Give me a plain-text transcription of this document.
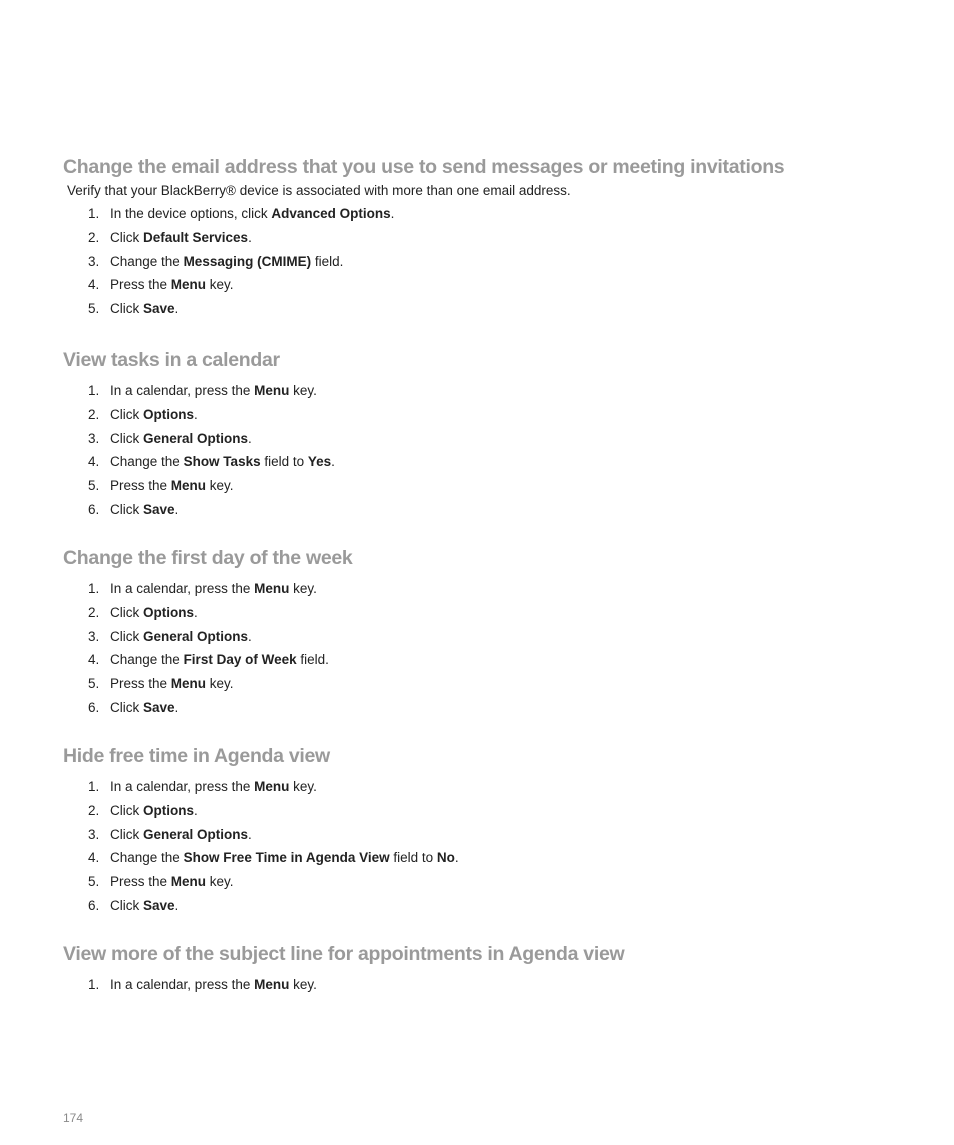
Change the email address that you use to send messages or meeting invitations
Verify that your BlackBerry® device is associated with more than one email address.
1. In the device options, click Advanced Options.
2. Click Default Services.
3. Change the Messaging (CMIME) field.
4. Press the Menu key.
5. Click Save.
View tasks in a calendar
1. In a calendar, press the Menu key.
2. Click Options.
3. Click General Options.
4. Change the Show Tasks field to Yes.
5. Press the Menu key.
6. Click Save.
Change the first day of the week
1. In a calendar, press the Menu key.
2. Click Options.
3. Click General Options.
4. Change the First Day of Week field.
5. Press the Menu key.
6. Click Save.
Hide free time in Agenda view
1. In a calendar, press the Menu key.
2. Click Options.
3. Click General Options.
4. Change the Show Free Time in Agenda View field to No.
5. Press the Menu key.
6. Click Save.
View more of the subject line for appointments in Agenda view
1. In a calendar, press the Menu key.
174
